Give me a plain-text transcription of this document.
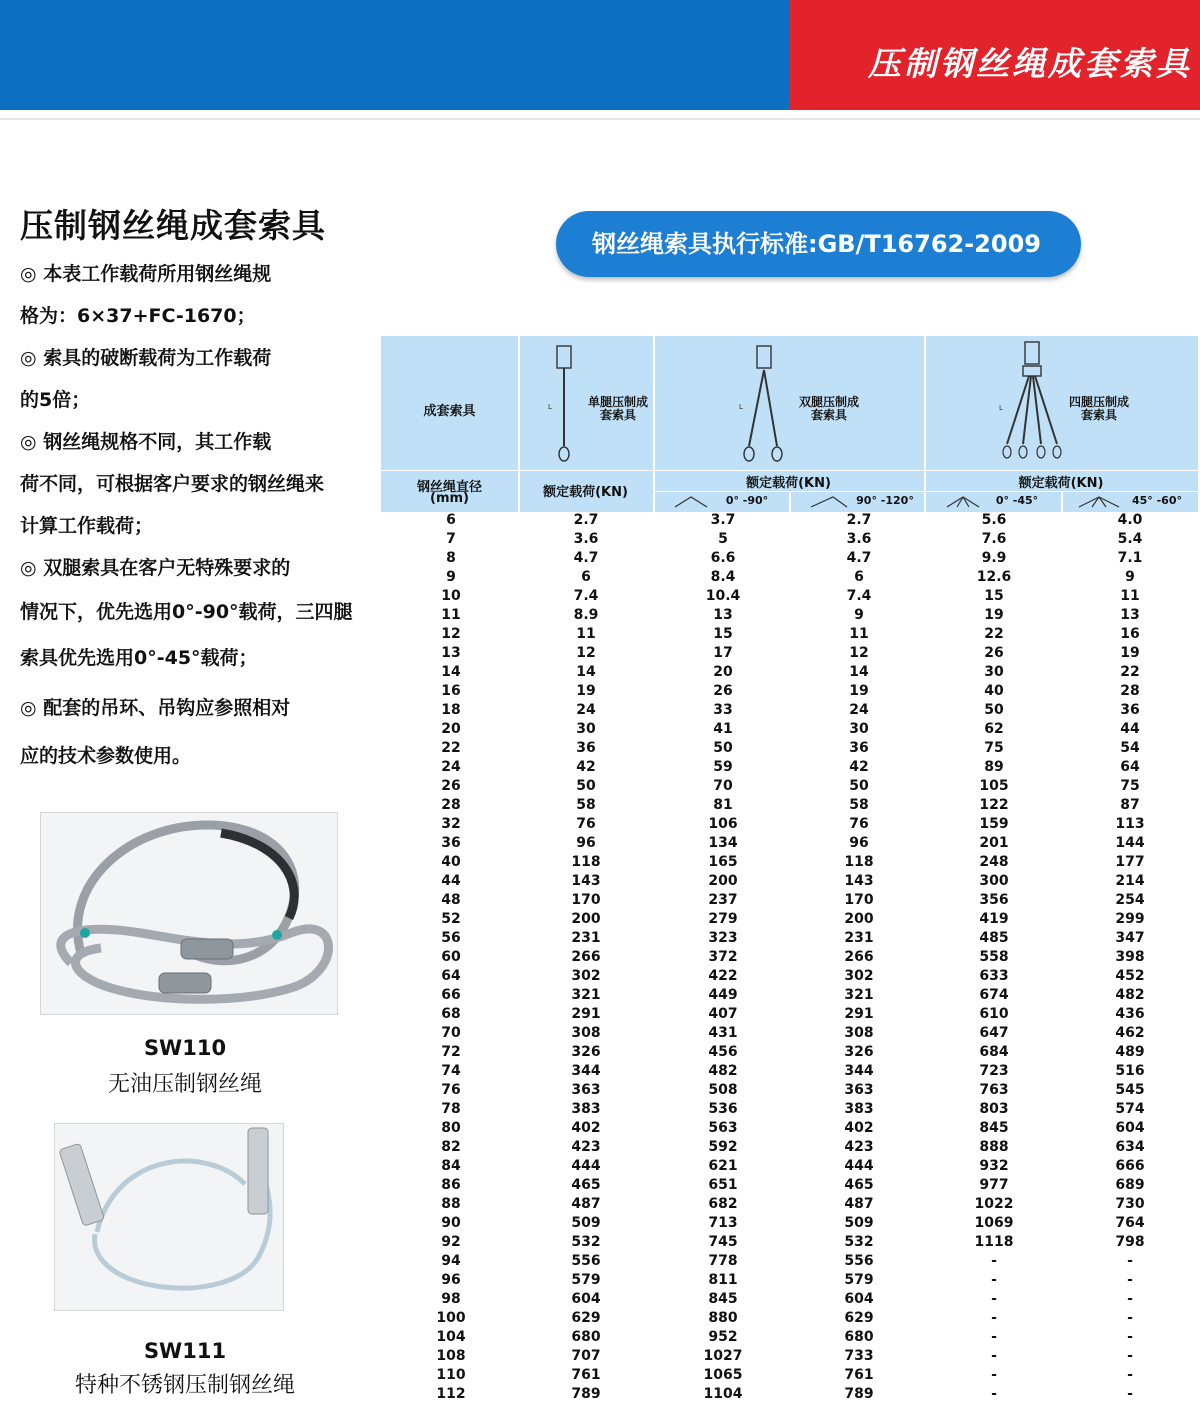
压制钢丝绳成套索具
压制钢丝绳成套索具
◎ 本表工作载荷所用钢丝绳规
格为：6×37+FC-1670；
◎ 索具的破断载荷为工作载荷
的5倍；
◎ 钢丝绳规格不同，其工作载
荷不同，可根据客户要求的钢丝绳来
计算工作载荷；
◎ 双腿索具在客户无特殊要求的
情况下，优先选用0°-90°载荷，三四腿
索具优先选用0°-45°载荷；
◎ 配套的吊环、吊钩应参照相对
应的技术参数使用。
SW110
无油压制钢丝绳
SW111
特种不锈钢压制钢丝绳
钢丝绳索具执行标准:GB/T16762-2009
成套索具
钢丝绳直径
(mm)
L	单腿压制成套索具
额定载荷(KN)
L	双腿压制成套索具
额定载荷(KN)
0° -90°	90° -120°
L	四腿压制成套索具
额定载荷(KN)
0° -45°	45° -60°
6	2.7	3.7	2.7	5.6	4.0
7	3.6	5	3.6	7.6	5.4
8	4.7	6.6	4.7	9.9	7.1
9	6	8.4	6	12.6	9
10	7.4	10.4	7.4	15	11
11	8.9	13	9	19	13
12	11	15	11	22	16
13	12	17	12	26	19
14	14	20	14	30	22
16	19	26	19	40	28
18	24	33	24	50	36
20	30	41	30	62	44
22	36	50	36	75	54
24	42	59	42	89	64
26	50	70	50	105	75
28	58	81	58	122	87
32	76	106	76	159	113
36	96	134	96	201	144
40	118	165	118	248	177
44	143	200	143	300	214
48	170	237	170	356	254
52	200	279	200	419	299
56	231	323	231	485	347
60	266	372	266	558	398
64	302	422	302	633	452
66	321	449	321	674	482
68	291	407	291	610	436
70	308	431	308	647	462
72	326	456	326	684	489
74	344	482	344	723	516
76	363	508	363	763	545
78	383	536	383	803	574
80	402	563	402	845	604
82	423	592	423	888	634
84	444	621	444	932	666
86	465	651	465	977	689
88	487	682	487	1022	730
90	509	713	509	1069	764
92	532	745	532	1118	798
94	556	778	556	-	-
96	579	811	579	-	-
98	604	845	604	-	-
100	629	880	629	-	-
104	680	952	680	-	-
108	707	1027	733	-	-
110	761	1065	761	-	-
112	789	1104	789	-	-
